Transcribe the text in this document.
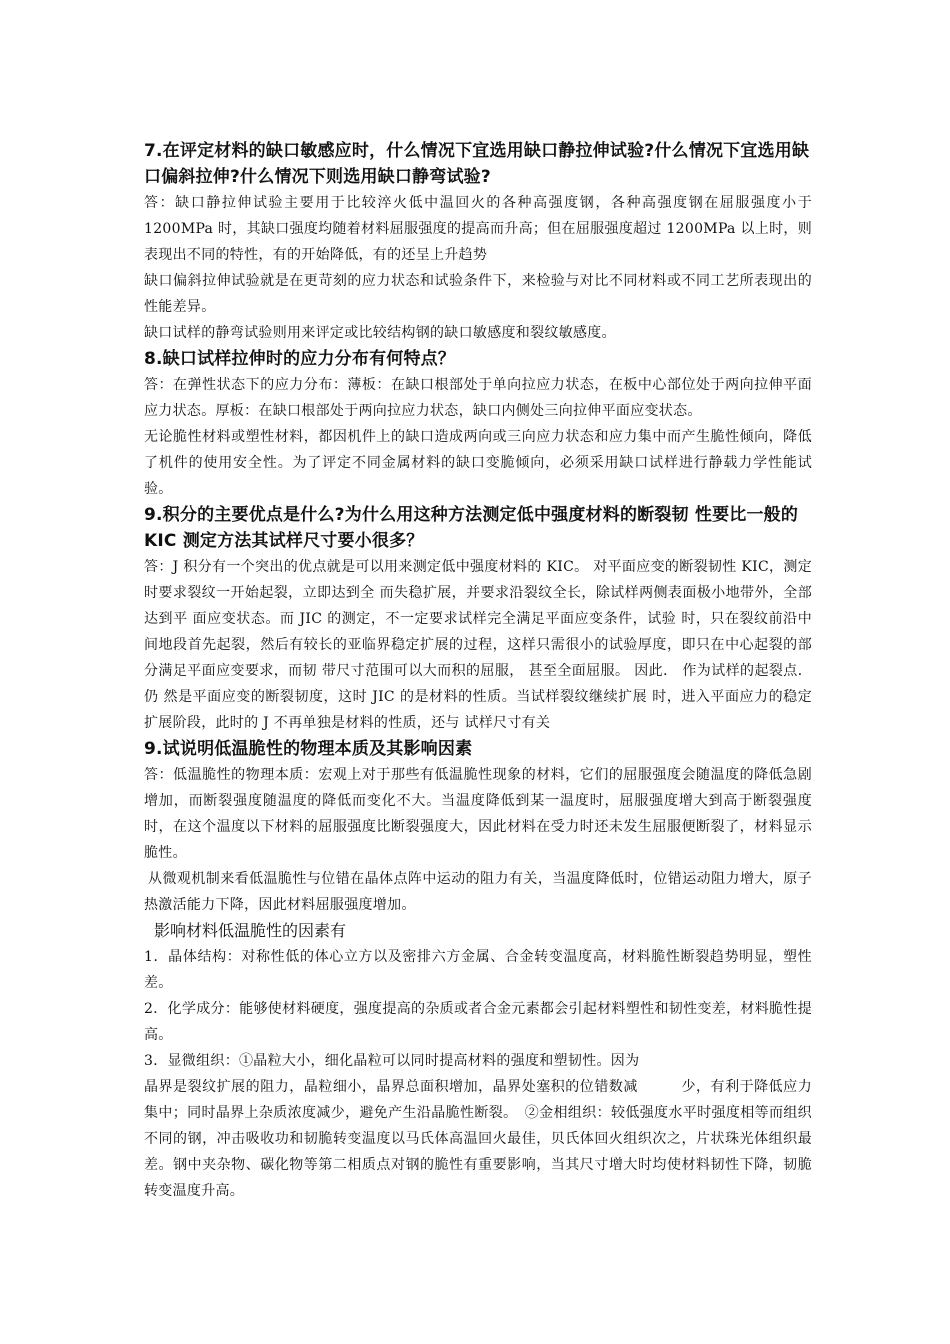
7.在评定材料的缺口敏感应时，什么情况下宜选用缺口静拉伸试验?什么情况下宜选用缺口偏斜拉伸?什么情况下则选用缺口静弯试验?

答：缺口静拉伸试验主要用于比较淬火低中温回火的各种高强度钢，各种高强度钢在屈服强度小于 1200MPa 时，其缺口强度均随着材料屈服强度的提高而升高；但在屈服强度超过 1200MPa 以上时，则表现出不同的特性，有的开始降低，有的还呈上升趋势

缺口偏斜拉伸试验就是在更苛刻的应力状态和试验条件下，来检验与对比不同材料或不同工艺所表现出的性能差异。

缺口试样的静弯试验则用来评定或比较结构钢的缺口敏感度和裂纹敏感度。

8.缺口试样拉伸时的应力分布有何特点？

答：在弹性状态下的应力分布：薄板：在缺口根部处于单向拉应力状态，在板中心部位处于两向拉伸平面应力状态。厚板：在缺口根部处于两向拉应力状态，缺口内侧处三向拉伸平面应变状态。

无论脆性材料或塑性材料，都因机件上的缺口造成两向或三向应力状态和应力集中而产生脆性倾向，降低了机件的使用安全性。为了评定不同金属材料的缺口变脆倾向，必须采用缺口试样进行静载力学性能试验。

9.积分的主要优点是什么?为什么用这种方法测定低中强度材料的断裂韧 性要比一般的 KIC 测定方法其试样尺寸要小很多？

答：J 积分有一个突出的优点就是可以用来测定低中强度材料的 KIC。 对平面应变的断裂韧性 KIC，测定时要求裂纹一开始起裂，立即达到全 而失稳扩展，并要求沿裂纹全长，除试样两侧表面极小地带外，全部达到平 面应变状态。而 JIC 的测定，不一定要求试样完全满足平面应变条件，试验 时，只在裂纹前沿中间地段首先起裂，然后有较长的亚临界稳定扩展的过程，这样只需很小的试验厚度，即只在中心起裂的部分满足平面应变要求，而韧 带尺寸范围可以大而积的屈服， 甚至全面屈服。 因此． 作为试样的起裂点． 仍 然是平面应变的断裂韧度，这时 JIC 的是材料的性质。当试样裂纹继续扩展 时，进入平面应力的稳定扩展阶段，此时的 J 不再单独是材料的性质，还与 试样尺寸有关

9.试说明低温脆性的物理本质及其影响因素

答：低温脆性的物理本质：宏观上对于那些有低温脆性现象的材料，它们的屈服强度会随温度的降低急剧增加，而断裂强度随温度的降低而变化不大。当温度降低到某一温度时，屈服强度增大到高于断裂强度时，在这个温度以下材料的屈服强度比断裂强度大，因此材料在受力时还未发生屈服便断裂了，材料显示脆性。

从微观机制来看低温脆性与位错在晶体点阵中运动的阻力有关，当温度降低时，位错运动阻力增大，原子热激活能力下降，因此材料屈服强度增加。

影响材料低温脆性的因素有

1．晶体结构：对称性低的体心立方以及密排六方金属、合金转变温度高，材料脆性断裂趋势明显，塑性差。

2．化学成分：能够使材料硬度，强度提高的杂质或者合金元素都会引起材料塑性和韧性变差，材料脆性提高。

3．显微组织：①晶粒大小，细化晶粒可以同时提高材料的强度和塑韧性。因为

晶界是裂纹扩展的阻力，晶粒细小，晶界总面积增加，晶界处塞积的位错数减　　　少，有利于降低应力集中；同时晶界上杂质浓度减少，避免产生沿晶脆性断裂。　②金相组织：较低强度水平时强度相等而组织不同的钢，冲击吸收功和韧脆转变温度以马氏体高温回火最佳，贝氏体回火组织次之，片状珠光体组织最差。钢中夹杂物、碳化物等第二相质点对钢的脆性有重要影响，当其尺寸增大时均使材料韧性下降，韧脆转变温度升高。
